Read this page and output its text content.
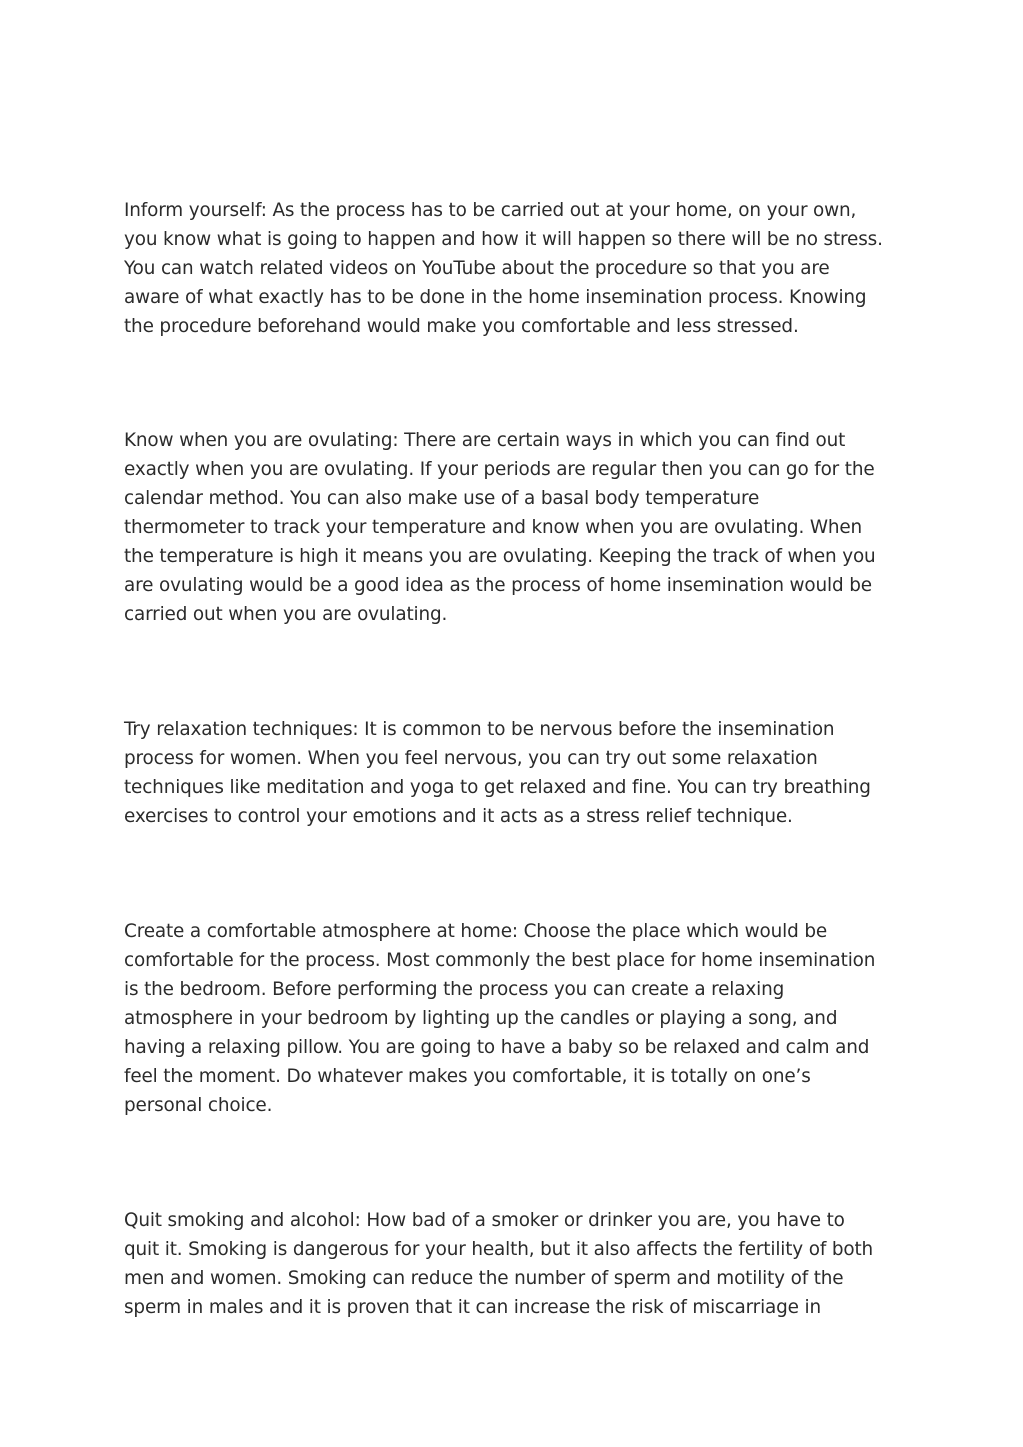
Inform yourself: As the process has to be carried out at your home, on your own,
you know what is going to happen and how it will happen so there will be no stress.
You can watch related videos on YouTube about the procedure so that you are
aware of what exactly has to be done in the home insemination process. Knowing
the procedure beforehand would make you comfortable and less stressed.

Know when you are ovulating: There are certain ways in which you can find out
exactly when you are ovulating. If your periods are regular then you can go for the
calendar method. You can also make use of a basal body temperature
thermometer to track your temperature and know when you are ovulating. When
the temperature is high it means you are ovulating. Keeping the track of when you
are ovulating would be a good idea as the process of home insemination would be
carried out when you are ovulating.

Try relaxation techniques: It is common to be nervous before the insemination
process for women. When you feel nervous, you can try out some relaxation
techniques like meditation and yoga to get relaxed and fine. You can try breathing
exercises to control your emotions and it acts as a stress relief technique.

Create a comfortable atmosphere at home: Choose the place which would be
comfortable for the process. Most commonly the best place for home insemination
is the bedroom. Before performing the process you can create a relaxing
atmosphere in your bedroom by lighting up the candles or playing a song, and
having a relaxing pillow. You are going to have a baby so be relaxed and calm and
feel the moment. Do whatever makes you comfortable, it is totally on one’s
personal choice.

Quit smoking and alcohol: How bad of a smoker or drinker you are, you have to
quit it. Smoking is dangerous for your health, but it also affects the fertility of both
men and women. Smoking can reduce the number of sperm and motility of the
sperm in males and it is proven that it can increase the risk of miscarriage in
